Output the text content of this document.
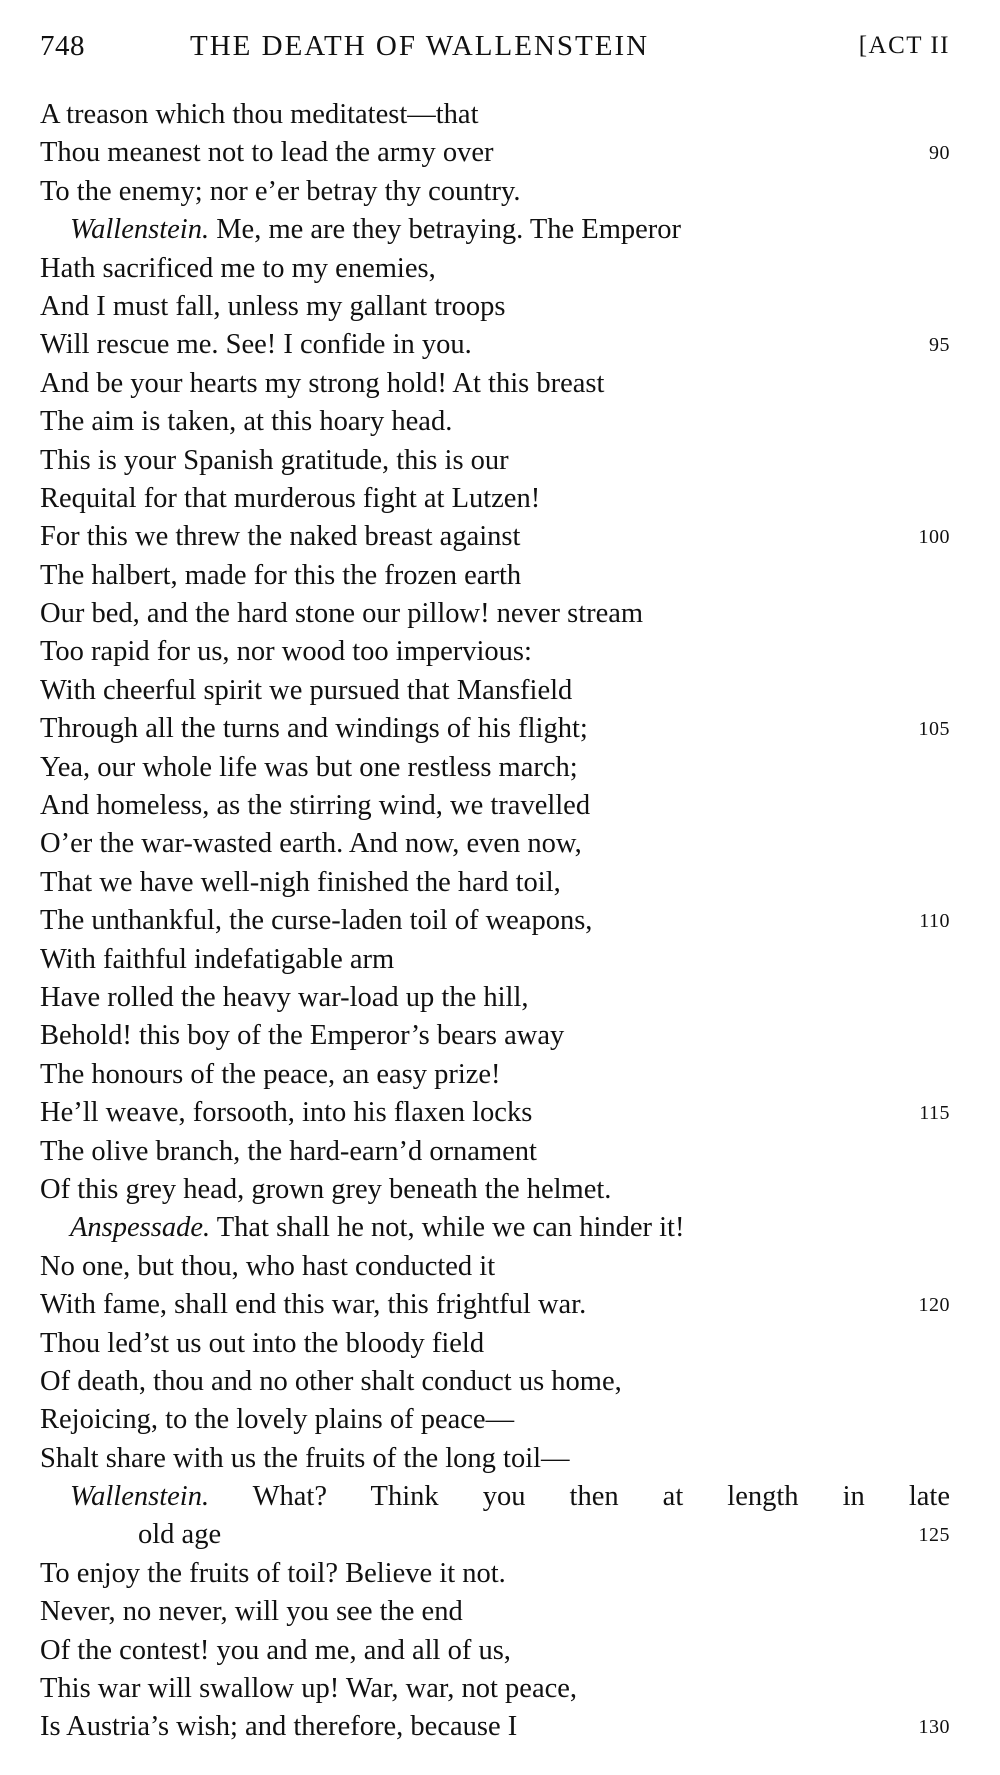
748	THE DEATH OF WALLENSTEIN	[ACT II
A treason which thou meditatest—that
Thou meanest not to lead the army over	90
To the enemy; nor e’er betray thy country.
Wallenstein. Me, me are they betraying. The Emperor
Hath sacrificed me to my enemies,
And I must fall, unless my gallant troops
Will rescue me. See! I confide in you.	95
And be your hearts my strong hold! At this breast
The aim is taken, at this hoary head.
This is your Spanish gratitude, this is our
Requital for that murderous fight at Lutzen!
For this we threw the naked breast against	100
The halbert, made for this the frozen earth
Our bed, and the hard stone our pillow! never stream
Too rapid for us, nor wood too impervious:
With cheerful spirit we pursued that Mansfield
Through all the turns and windings of his flight;	105
Yea, our whole life was but one restless march;
And homeless, as the stirring wind, we travelled
O’er the war-wasted earth. And now, even now,
That we have well-nigh finished the hard toil,
The unthankful, the curse-laden toil of weapons,	110
With faithful indefatigable arm
Have rolled the heavy war-load up the hill,
Behold! this boy of the Emperor’s bears away
The honours of the peace, an easy prize!
He’ll weave, forsooth, into his flaxen locks	115
The olive branch, the hard-earn’d ornament
Of this grey head, grown grey beneath the helmet.
Anspessade. That shall he not, while we can hinder it!
No one, but thou, who hast conducted it
With fame, shall end this war, this frightful war.	120
Thou led’st us out into the bloody field
Of death, thou and no other shalt conduct us home,
Rejoicing, to the lovely plains of peace—
Shalt share with us the fruits of the long toil—
Wallenstein. What? Think you then at length in late
old age	125
To enjoy the fruits of toil? Believe it not.
Never, no never, will you see the end
Of the contest! you and me, and all of us,
This war will swallow up! War, war, not peace,
Is Austria’s wish; and therefore, because I	130
